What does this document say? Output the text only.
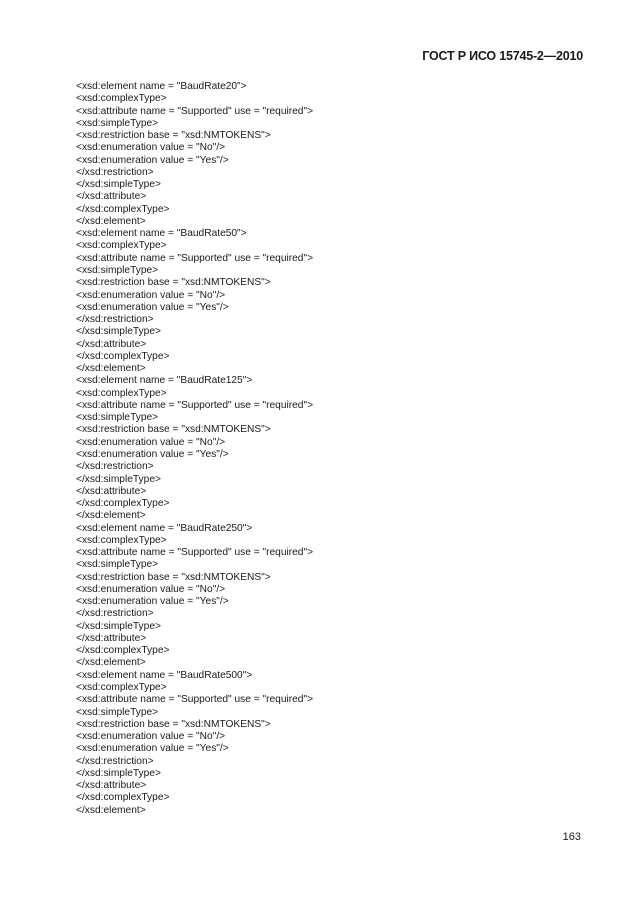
ГОСТ Р ИСО 15745-2—2010
<xsd:element name = "BaudRate20">
<xsd:complexType>
<xsd:attribute name = "Supported" use = "required">
<xsd:simpleType>
<xsd:restriction base = "xsd:NMTOKENS">
<xsd:enumeration value = "No"/>
<xsd:enumeration value = "Yes"/>
</xsd:restriction>
</xsd:simpleType>
</xsd:attribute>
</xsd:complexType>
</xsd:element>
<xsd:element name = "BaudRate50">
<xsd:complexType>
<xsd:attribute name = "Supported" use = "required">
<xsd:simpleType>
<xsd:restriction base = "xsd:NMTOKENS">
<xsd:enumeration value = "No"/>
<xsd:enumeration value = "Yes"/>
</xsd:restriction>
</xsd:simpleType>
</xsd:attribute>
</xsd:complexType>
</xsd:element>
<xsd:element name = "BaudRate125">
<xsd:complexType>
<xsd:attribute name = "Supported" use = "required">
<xsd:simpleType>
<xsd:restriction base = "xsd:NMTOKENS">
<xsd:enumeration value = "No"/>
<xsd:enumeration value = "Yes"/>
</xsd:restriction>
</xsd:simpleType>
</xsd:attribute>
</xsd:complexType>
</xsd:element>
<xsd:element name = "BaudRate250">
<xsd:complexType>
<xsd:attribute name = "Supported" use = "required">
<xsd:simpleType>
<xsd:restriction base = "xsd:NMTOKENS">
<xsd:enumeration value = "No"/>
<xsd:enumeration value = "Yes"/>
</xsd:restriction>
</xsd:simpleType>
</xsd:attribute>
</xsd:complexType>
</xsd:element>
<xsd:element name = "BaudRate500">
<xsd:complexType>
<xsd:attribute name = "Supported" use = "required">
<xsd:simpleType>
<xsd:restriction base = "xsd:NMTOKENS">
<xsd:enumeration value = "No"/>
<xsd:enumeration value = "Yes"/>
</xsd:restriction>
</xsd:simpleType>
</xsd:attribute>
</xsd:complexType>
</xsd:element>
163
